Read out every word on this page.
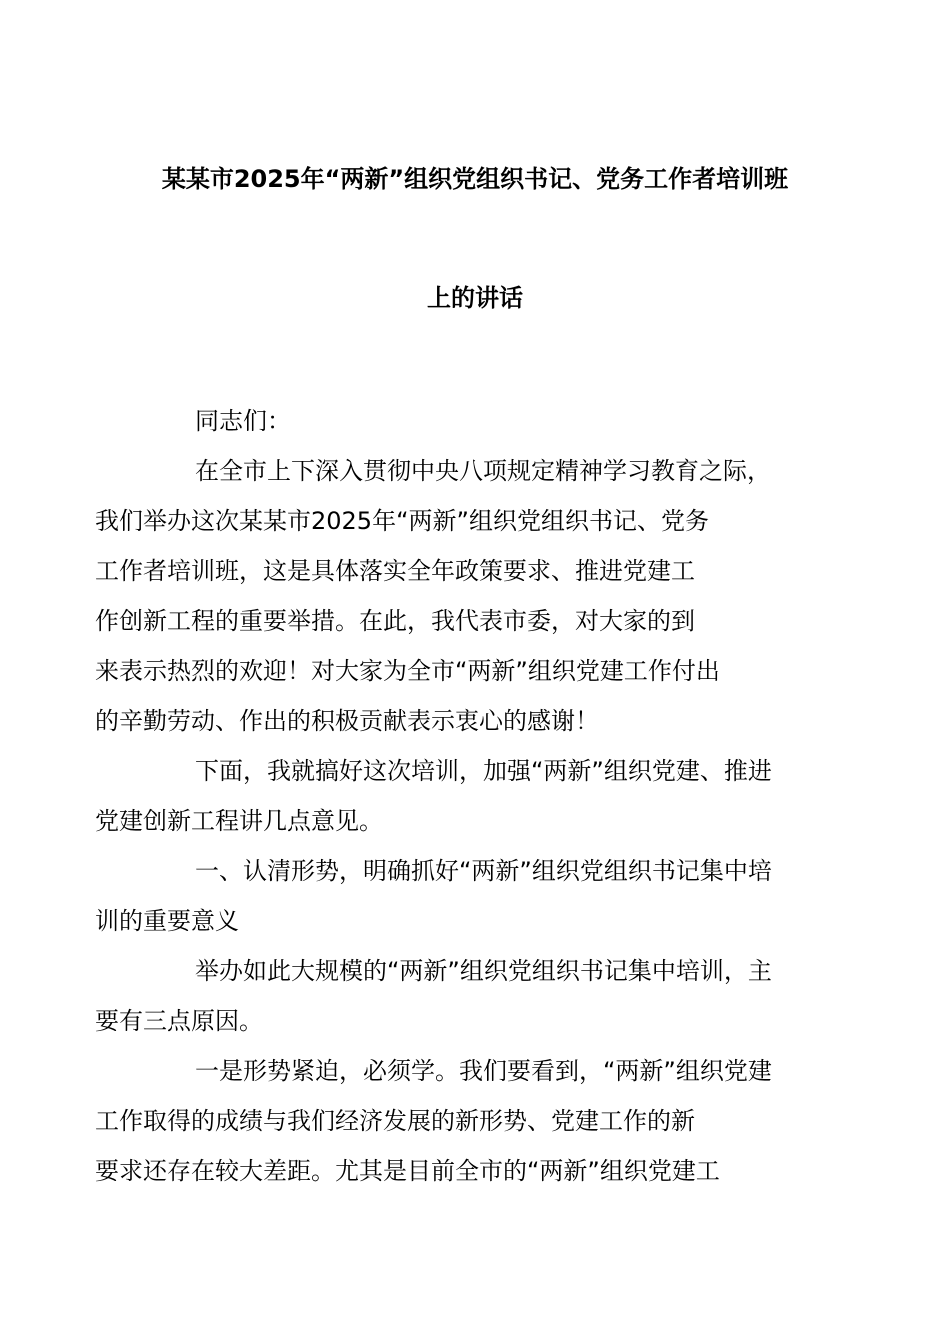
某某市2025年“两新”组织党组织书记、党务工作者培训班
上的讲话

同志们：

在全市上下深入贯彻中央八项规定精神学习教育之际，
我们举办这次某某市2025年“两新”组织党组织书记、党务
工作者培训班，这是具体落实全年政策要求、推进党建工
作创新工程的重要举措。在此，我代表市委，对大家的到
来表示热烈的欢迎！对大家为全市“两新”组织党建工作付出
的辛勤劳动、作出的积极贡献表示衷心的感谢！

下面，我就搞好这次培训，加强“两新”组织党建、推进
党建创新工程讲几点意见。

一、认清形势，明确抓好“两新”组织党组织书记集中培
训的重要意义

举办如此大规模的“两新”组织党组织书记集中培训，主
要有三点原因。

一是形势紧迫，必须学。我们要看到，“两新”组织党建
工作取得的成绩与我们经济发展的新形势、党建工作的新
要求还存在较大差距。尤其是目前全市的“两新”组织党建工
